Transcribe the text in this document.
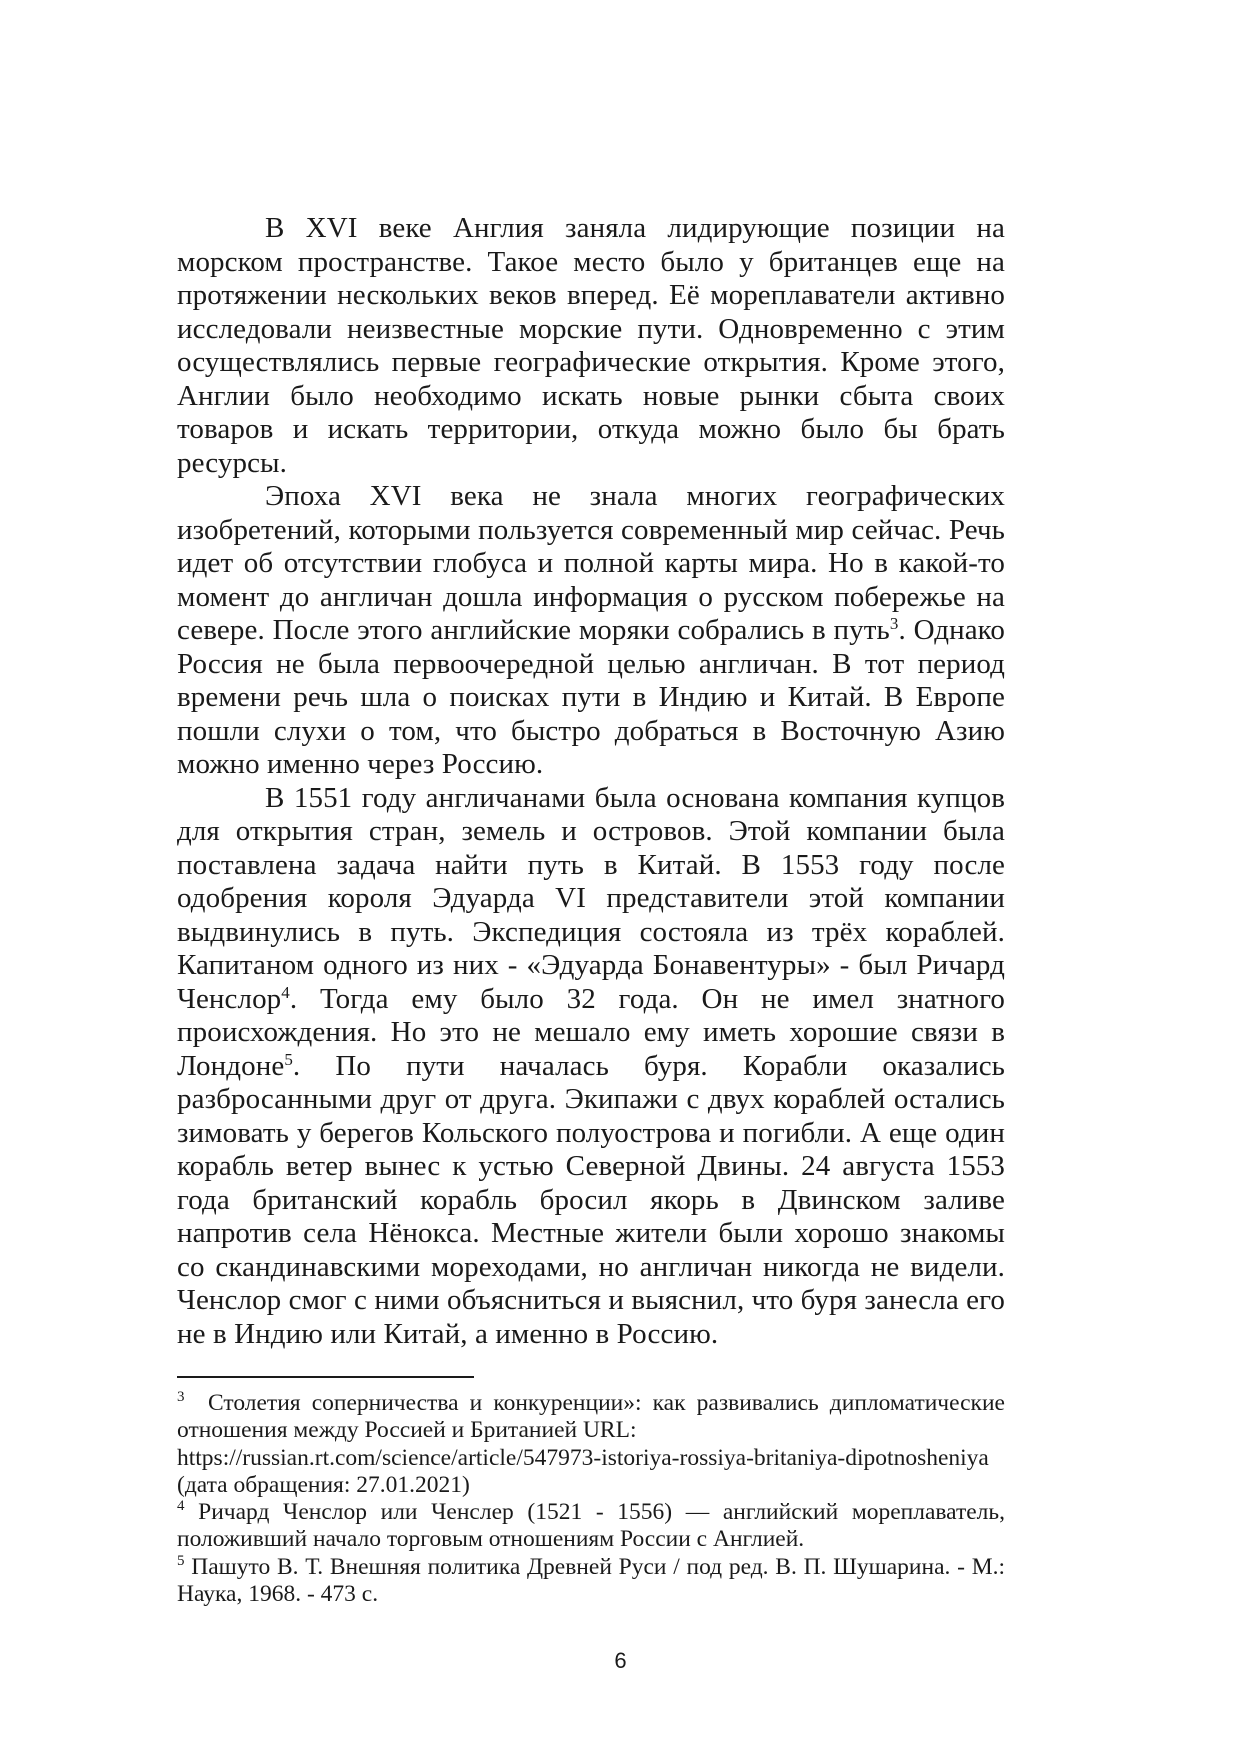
В XVI веке Англия заняла лидирующие позиции на морском пространстве. Такое место было у британцев еще на протяжении нескольких веков вперед. Её мореплаватели активно исследовали неизвестные морские пути. Одновременно с этим осуществлялись первые географические открытия. Кроме этого, Англии было необходимо искать новые рынки сбыта своих товаров и искать территории, откуда можно было бы брать ресурсы.

Эпоха XVI века не знала многих географических изобретений, которыми пользуется современный мир сейчас. Речь идет об отсутствии глобуса и полной карты мира. Но в какой-то момент до англичан дошла информация о русском побережье на севере. После этого английские моряки собрались в путь$^3$. Однако Россия не была первоочередной целью англичан. В тот период времени речь шла о поисках пути в Индию и Китай. В Европе пошли слухи о том, что быстро добраться в Восточную Азию можно именно через Россию.

В 1551 году англичанами была основана компания купцов для открытия стран, земель и островов. Этой компании была поставлена задача найти путь в Китай. В 1553 году после одобрения короля Эдуарда VI представители этой компании выдвинулись в путь. Экспедиция состояла из трёх кораблей. Капитаном одного из них - «Эдуарда Бонавентуры» - был Ричард Ченслор$^4$. Тогда ему было 32 года. Он не имел знатного происхождения. Но это не мешало ему иметь хорошие связи в Лондоне$^5$. По пути началась буря. Корабли оказались разбросанными друг от друга. Экипажи с двух кораблей остались зимовать у берегов Кольского полуострова и погибли. А еще один корабль ветер вынес к устью Северной Двины. 24 августа 1553 года британский корабль бросил якорь в Двинском заливе напротив села Нёнокса. Местные жители были хорошо знакомы со скандинавскими мореходами, но англичан никогда не видели. Ченслор смог с ними объясниться и выяснил, что буря занесла его не в Индию или Китай, а именно в Россию.

$^3$  Столетия соперничества и конкуренции»: как развивались дипломатические отношения между Россией и Британией URL:

https://russian.rt.com/science/article/547973-istoriya-rossiya-britaniya-dipotnosheniya (дата обращения: 27.01.2021)

$^4$ Ричард Ченслор или Ченслер (1521 - 1556) — английский мореплаватель, положивший начало торговым отношениям России с Англией.

$^5$ Пашуто В. Т. Внешняя политика Древней Руси / под ред. В. П. Шушарина. - М.: Наука, 1968. - 473 с.

6
